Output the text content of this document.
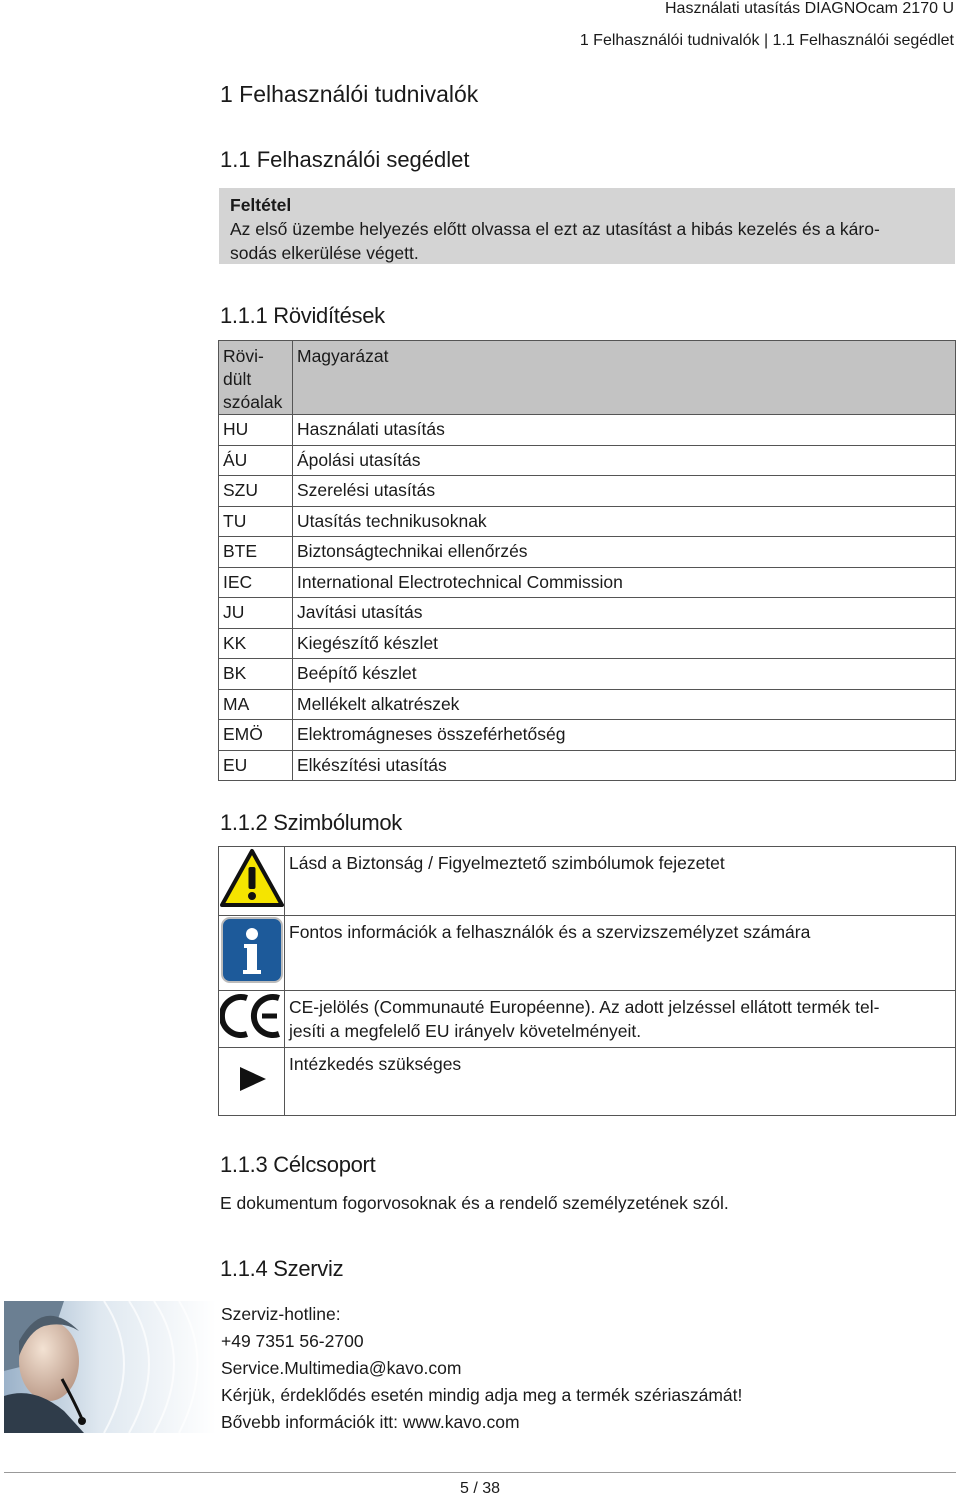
Használati utasítás DIAGNOcam 2170 U
1 Felhasználói tudnivalók | 1.1 Felhasználói segédlet
1 Felhasználói tudnivalók
1.1 Felhasználói segédlet
Feltétel
Az első üzembe helyezés előtt olvassa el ezt az utasítást a hibás kezelés és a káro-
sodás elkerülése végett.
1.1.1 Rövidítések
Rövi-
dült
szóalak	Magyarázat
HU	Használati utasítás
ÁU	Ápolási utasítás
SZU	Szerelési utasítás
TU	Utasítás technikusoknak
BTE	Biztonságtechnikai ellenőrzés
IEC	International Electrotechnical Commission
JU	Javítási utasítás
KK	Kiegészítő készlet
BK	Beépítő készlet
MA	Mellékelt alkatrészek
EMÖ	Elektromágneses összeférhetőség
EU	Elkészítési utasítás
1.1.2 Szimbólumok
	Lásd a Biztonság / Figyelmeztető szimbólumok fejezetet
	Fontos információk a felhasználók és a szervizszemélyzet számára

CE-jelölés (Communauté Européenne). Az adott jelzéssel ellátott termék tel-
jesíti a megfelelő EU irányelv követelményeit.

	Intézkedés szükséges
1.1.3 Célcsoport
E dokumentum fogorvosoknak és a rendelő személyzetének szól.
1.1.4 Szerviz
Szerviz-hotline:
+49 7351 56-2700
Service.Multimedia@kavo.com
Kérjük, érdeklődés esetén mindig adja meg a termék szériaszámát!
Bővebb információk itt: www.kavo.com
5 / 38
